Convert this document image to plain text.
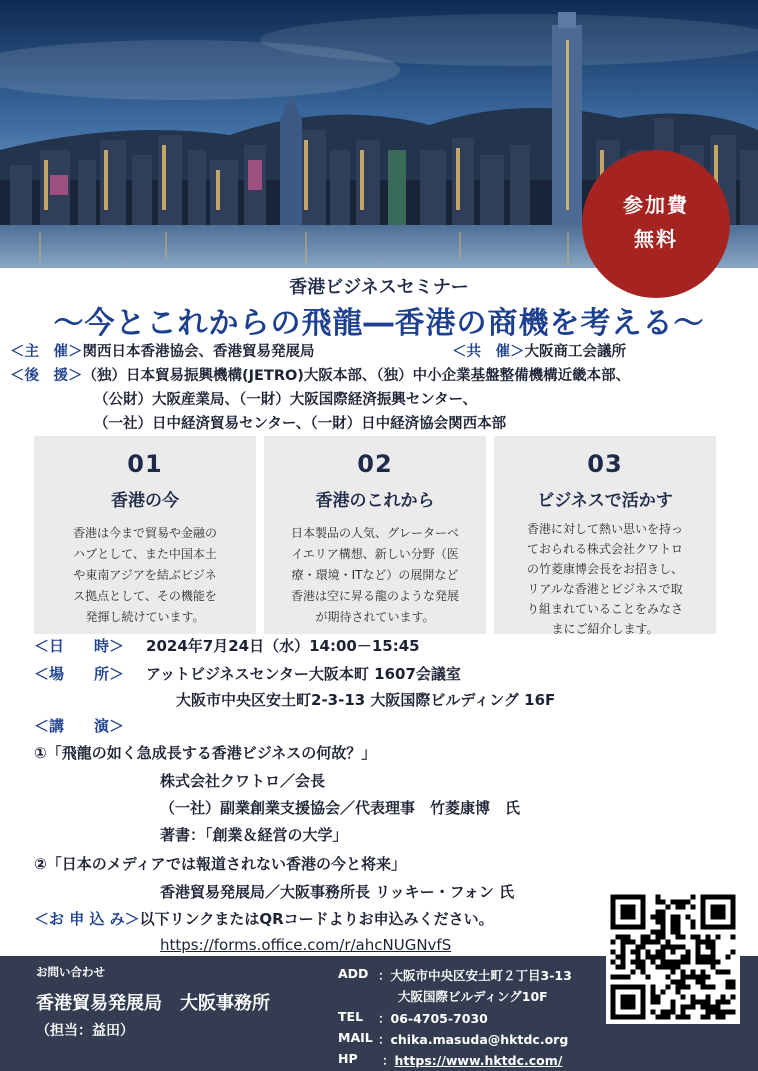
参加費
無料
香港ビジネスセミナー
〜今とこれからの飛龍―香港の商機を考える〜
＜主　催＞関西日本香港協会、香港貿易発展局	＜共　催＞大阪商工会議所
＜後　援＞（独）日本貿易振興機構(JETRO)大阪本部、（独）中小企業基盤整備機構近畿本部、
（公財）大阪産業局、（一財）大阪国際経済振興センター、
（一社）日中経済貿易センター、（一財）日中経済協会関西本部
01
香港の今
香港は今まで貿易や金融の
ハブとして、また中国本土
や東南アジアを結ぶビジネ
ス拠点として、その機能を
発揮し続けています。
02
香港のこれから
日本製品の人気、グレーターベ
イエリア構想、新しい分野（医
療・環境・ITなど）の展開など
香港は空に昇る龍のような発展
が期待されています。
03
ビジネスで活かす
香港に対して熱い思いを持っ
ておられる株式会社クワトロ
の竹菱康博会長をお招きし、
リアルな香港とビジネスで取
り組まれていることをみなさ
まにご紹介します。
＜日　　時＞ 2024年7月24日（水）14:00－15:45
＜場　　所＞ アットビジネスセンター大阪本町 1607会議室
大阪市中央区安土町2-3-13 大阪国際ビルディング 16F
＜講　　演＞
①「飛龍の如く急成長する香港ビジネスの何故？」
株式会社クワトロ／会長
（一社）副業創業支援協会／代表理事　竹菱康博　氏
著書：「創業＆経営の大学」
②「日本のメディアでは報道されない香港の今と将来」
香港貿易発展局／大阪事務所長 リッキー・フォン 氏
＜お 申 込 み＞以下リンクまたはQRコードよりお申込みください。
https://forms.office.com/r/ahcNUGNvfS
お問い合わせ
香港貿易発展局　大阪事務所
（担当：益田）
ADD ：大阪市中央区安土町２丁目3-13
大阪国際ビルディング10F
TEL ：06-4705-7030
MAIL ：chika.masuda@hktdc.org
HP ：https://www.hktdc.com/
